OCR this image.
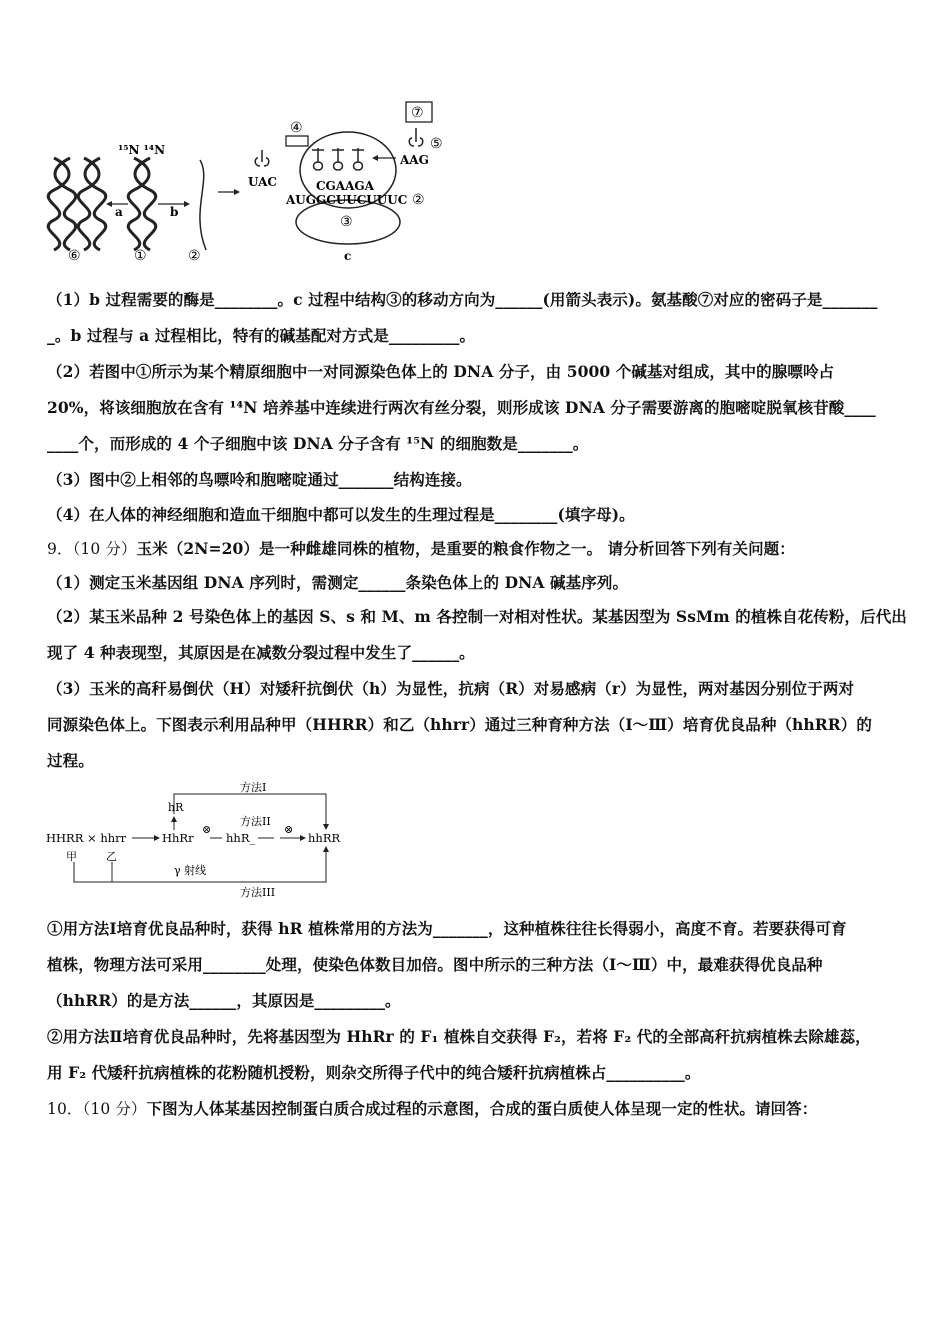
¹⁵N ¹⁴N
a	b
⑥	①	②
⑦
④
⑤
UAC
AAG
CGAAGA
AUGGCUUCUUUC ②
③
c
（1）b 过程需要的酶是________。c 过程中结构③的移动方向为______(用箭头表示)。氨基酸⑦对应的密码子是_______
_。b 过程与 a 过程相比，特有的碱基配对方式是_________。
（2）若图中①所示为某个精原细胞中一对同源染色体上的 DNA 分子，由 5000 个碱基对组成，其中的腺嘌呤占
20%，将该细胞放在含有 ¹⁴N 培养基中连续进行两次有丝分裂，则形成该 DNA 分子需要游离的胞嘧啶脱氧核苷酸____
____个，而形成的 4 个子细胞中该 DNA 分子含有 ¹⁵N 的细胞数是_______。
（3）图中②上相邻的鸟嘌呤和胞嘧啶通过_______结构连接。
（4）在人体的神经细胞和造血干细胞中都可以发生的生理过程是________(填字母)。
9．（10 分）玉米（2N=20）是一种雌雄同株的植物，是重要的粮食作物之一。 请分析回答下列有关问题：
（1）测定玉米基因组 DNA 序列时，需测定______条染色体上的 DNA 碱基序列。
（2）某玉米品种 2 号染色体上的基因 S、s 和 M、m 各控制一对相对性状。某基因型为 SsMm 的植株自花传粉，后代出
现了 4 种表现型，其原因是在减数分裂过程中发生了______。
（3）玉米的高秆易倒伏（H）对矮秆抗倒伏（h）为显性，抗病（R）对易感病（r）为显性，两对基因分别位于两对
同源染色体上。下图表示利用品种甲（HHRR）和乙（hhrr）通过三种育种方法（Ⅰ～Ⅲ）培育优良品种（hhRR）的
过程。
方法I
hR
方法II
⊗	⊗
HHRR × hhrr	HhRr	hhR_	hhRR
甲	乙
γ 射线
方法III
①用方法Ⅰ培育优良品种时，获得 hR 植株常用的方法为_______，这种植株往往长得弱小，高度不育。若要获得可育
植株，物理方法可采用________处理，使染色体数目加倍。图中所示的三种方法（Ⅰ～Ⅲ）中，最难获得优良品种
（hhRR）的是方法______，其原因是_________。
②用方法Ⅱ培育优良品种时，先将基因型为 HhRr 的 F₁ 植株自交获得 F₂，若将 F₂ 代的全部高秆抗病植株去除雄蕊，
用 F₂ 代矮秆抗病植株的花粉随机授粉，则杂交所得子代中的纯合矮秆抗病植株占__________。
10．（10 分）下图为人体某基因控制蛋白质合成过程的示意图，合成的蛋白质使人体呈现一定的性状。请回答：
